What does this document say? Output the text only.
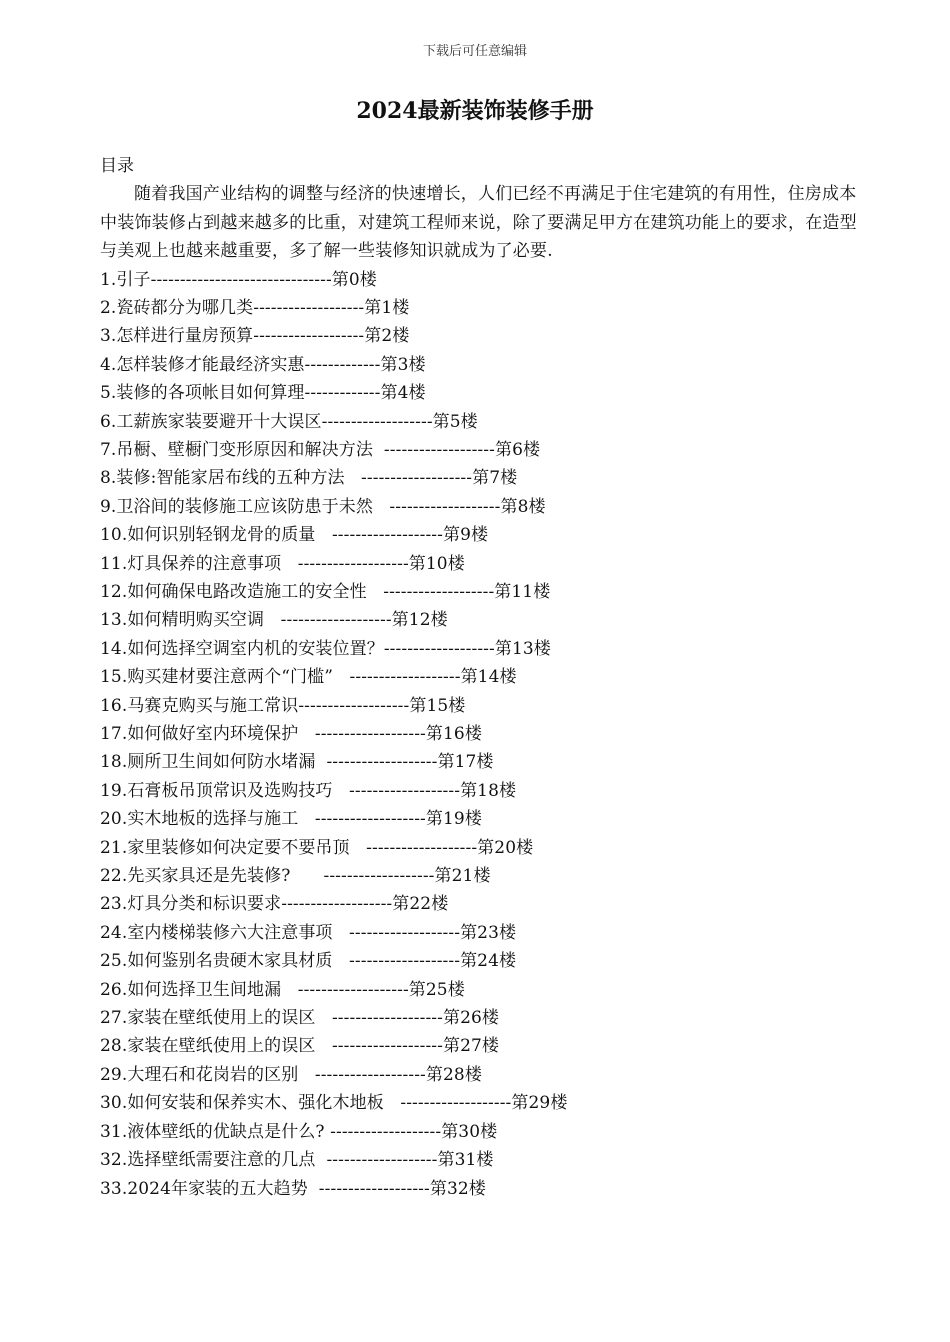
下载后可任意编辑
2024最新装饰装修手册

目录

随着我国产业结构的调整与经济的快速增长，人们已经不再满足于住宅建筑的有用性，住房成本中装饰装修占到越来越多的比重，对建筑工程师来说，除了要满足甲方在建筑功能上的要求，在造型与美观上也越来越重要，多了解一些装修知识就成为了必要.

1.引子-------------------------------第0楼
2.瓷砖都分为哪几类-------------------第1楼
3.怎样进行量房预算-------------------第2楼
4.怎样装修才能最经济实惠-------------第3楼
5.装修的各项帐目如何算理-------------第4楼
6.工薪族家装要避开十大误区-------------------第5楼
7.吊橱、壁橱门变形原因和解决方法  -------------------第6楼
8.装修:智能家居布线的五种方法   -------------------第7楼
9.卫浴间的装修施工应该防患于未然   -------------------第8楼
10.如何识别轻钢龙骨的质量   -------------------第9楼
11.灯具保养的注意事项   -------------------第10楼
12.如何确保电路改造施工的安全性   -------------------第11楼
13.如何精明购买空调   -------------------第12楼
14.如何选择空调室内机的安装位置？-------------------第13楼
15.购买建材要注意两个“门槛”   -------------------第14楼
16.马赛克购买与施工常识-------------------第15楼
17.如何做好室内环境保护   -------------------第16楼
18.厕所卫生间如何防水堵漏  -------------------第17楼
19.石膏板吊顶常识及选购技巧   -------------------第18楼
20.实木地板的选择与施工   -------------------第19楼
21.家里装修如何决定要不要吊顶   -------------------第20楼
22.先买家具还是先装修?      -------------------第21楼
23.灯具分类和标识要求-------------------第22楼
24.室内楼梯装修六大注意事项   -------------------第23楼
25.如何鉴别名贵硬木家具材质   -------------------第24楼
26.如何选择卫生间地漏   -------------------第25楼
27.家装在壁纸使用上的误区   -------------------第26楼
28.家装在壁纸使用上的误区   -------------------第27楼
29.大理石和花岗岩的区别   -------------------第28楼
30.如何安装和保养实木、强化木地板   -------------------第29楼
31.液体壁纸的优缺点是什么? -------------------第30楼
32.选择壁纸需要注意的几点  -------------------第31楼
33.2024年家装的五大趋势  -------------------第32楼
